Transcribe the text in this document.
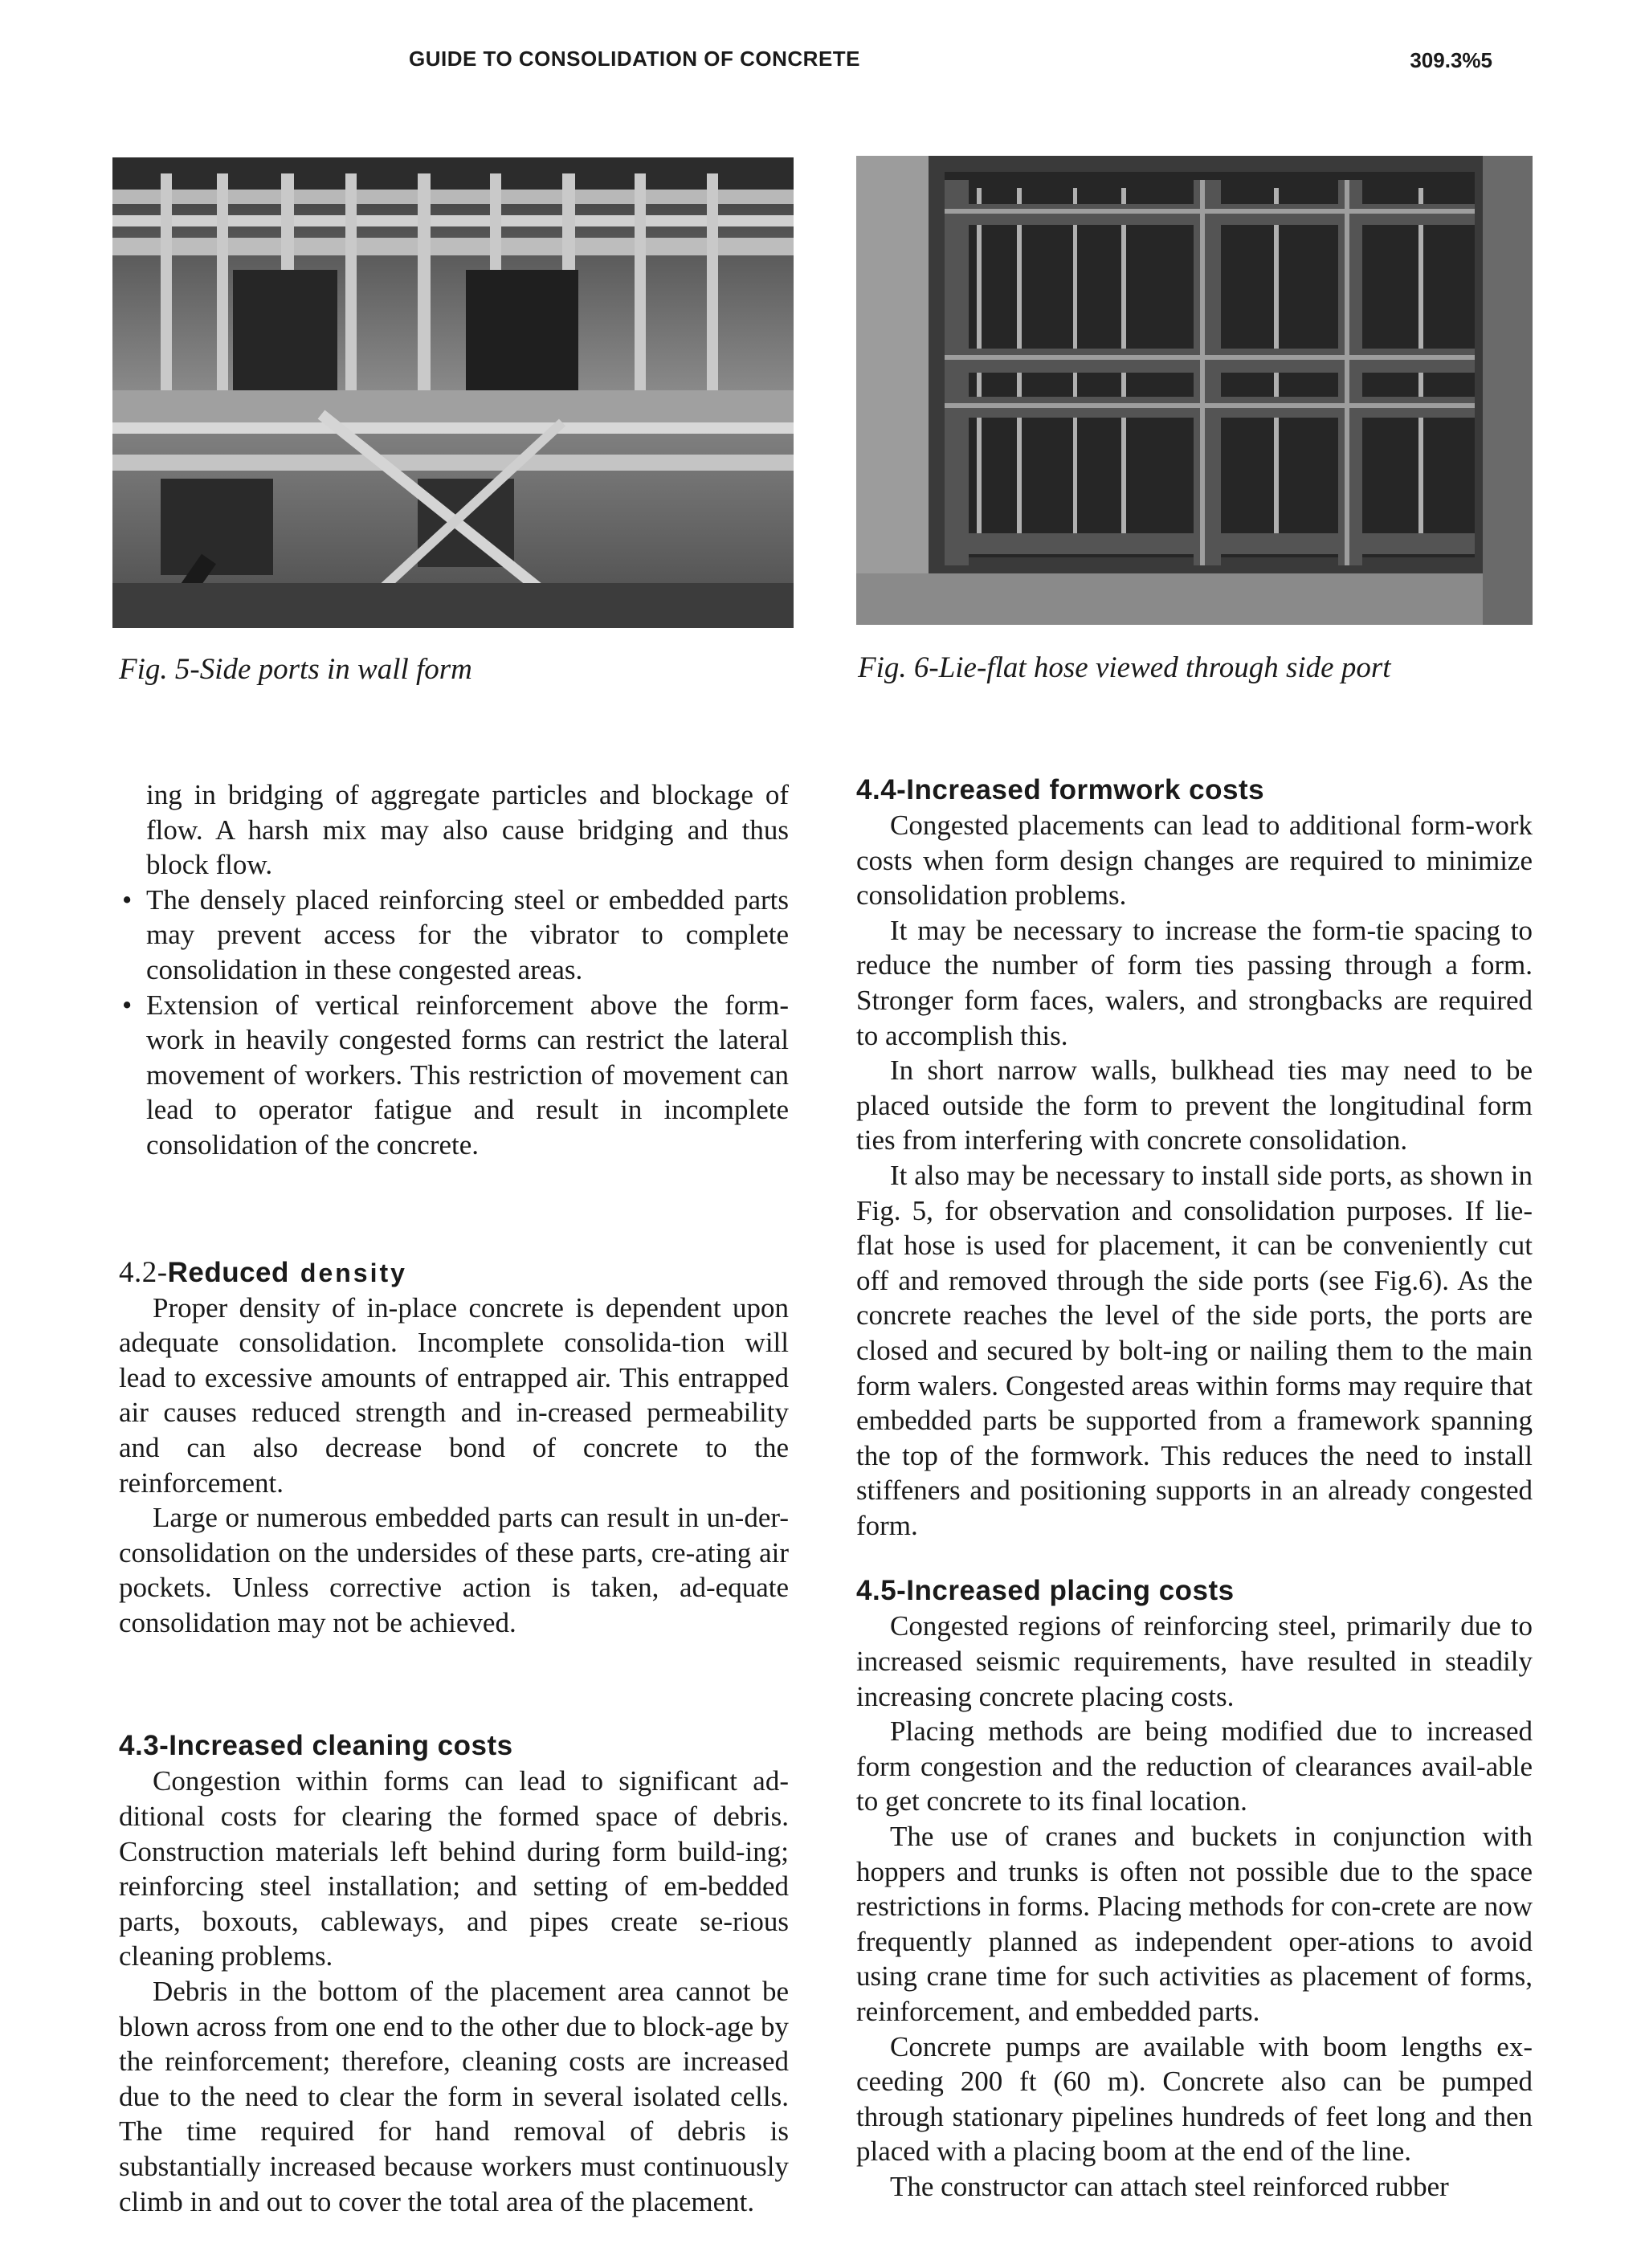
GUIDE TO CONSOLIDATION OF CONCRETE	309.3%5
Fig. 5-Side ports in wall form	Fig. 6-Lie-flat hose viewed through side port

ing in bridging of aggregate particles and blockage of flow. A harsh mix may also cause bridging and thus block flow.

• The densely placed reinforcing steel or embedded parts may prevent access for the vibrator to complete consolidation in these congested areas.
• Extension of vertical reinforcement above the form-work in heavily congested forms can restrict the lateral movement of workers. This restriction of movement can lead to operator fatigue and result in incomplete consolidation of the concrete.
4.2-Reduced density

Proper density of in-place concrete is dependent upon adequate consolidation. Incomplete consolida-tion will lead to excessive amounts of entrapped air. This entrapped air causes reduced strength and in-creased permeability and can also decrease bond of concrete to the reinforcement.

Large or numerous embedded parts can result in un-der-consolidation on the undersides of these parts, cre-ating air pockets. Unless corrective action is taken, ad-equate consolidation may not be achieved.

4.3-Increased cleaning costs

Congestion within forms can lead to significant ad-ditional costs for clearing the formed space of debris. Construction materials left behind during form build-ing; reinforcing steel installation; and setting of em-bedded parts, boxouts, cableways, and pipes create se-rious cleaning problems.

Debris in the bottom of the placement area cannot be blown across from one end to the other due to block-age by the reinforcement; therefore, cleaning costs are increased due to the need to clear the form in several isolated cells. The time required for hand removal of debris is substantially increased because workers must continuously climb in and out to cover the total area of the placement.

4.4-Increased formwork costs

Congested placements can lead to additional form-work costs when form design changes are required to minimize consolidation problems.

It may be necessary to increase the form-tie spacing to reduce the number of form ties passing through a form. Stronger form faces, walers, and strongbacks are required to accomplish this.

In short narrow walls, bulkhead ties may need to be placed outside the form to prevent the longitudinal form ties from interfering with concrete consolidation.

It also may be necessary to install side ports, as shown in Fig. 5, for observation and consolidation purposes. If lie-flat hose is used for placement, it can be conveniently cut off and removed through the side ports (see Fig.6). As the concrete reaches the level of the side ports, the ports are closed and secured by bolt-ing or nailing them to the main form walers. Congested areas within forms may require that embedded parts be supported from a framework spanning the top of the formwork. This reduces the need to install stiffeners and positioning supports in an already congested form.

4.5-Increased placing costs

Congested regions of reinforcing steel, primarily due to increased seismic requirements, have resulted in steadily increasing concrete placing costs.

Placing methods are being modified due to increased form congestion and the reduction of clearances avail-able to get concrete to its final location.

The use of cranes and buckets in conjunction with hoppers and trunks is often not possible due to the space restrictions in forms. Placing methods for con-crete are now frequently planned as independent oper-ations to avoid using crane time for such activities as placement of forms, reinforcement, and embedded parts.

Concrete pumps are available with boom lengths ex-ceeding 200 ft (60 m). Concrete also can be pumped through stationary pipelines hundreds of feet long and then placed with a placing boom at the end of the line.

The constructor can attach steel reinforced rubber
